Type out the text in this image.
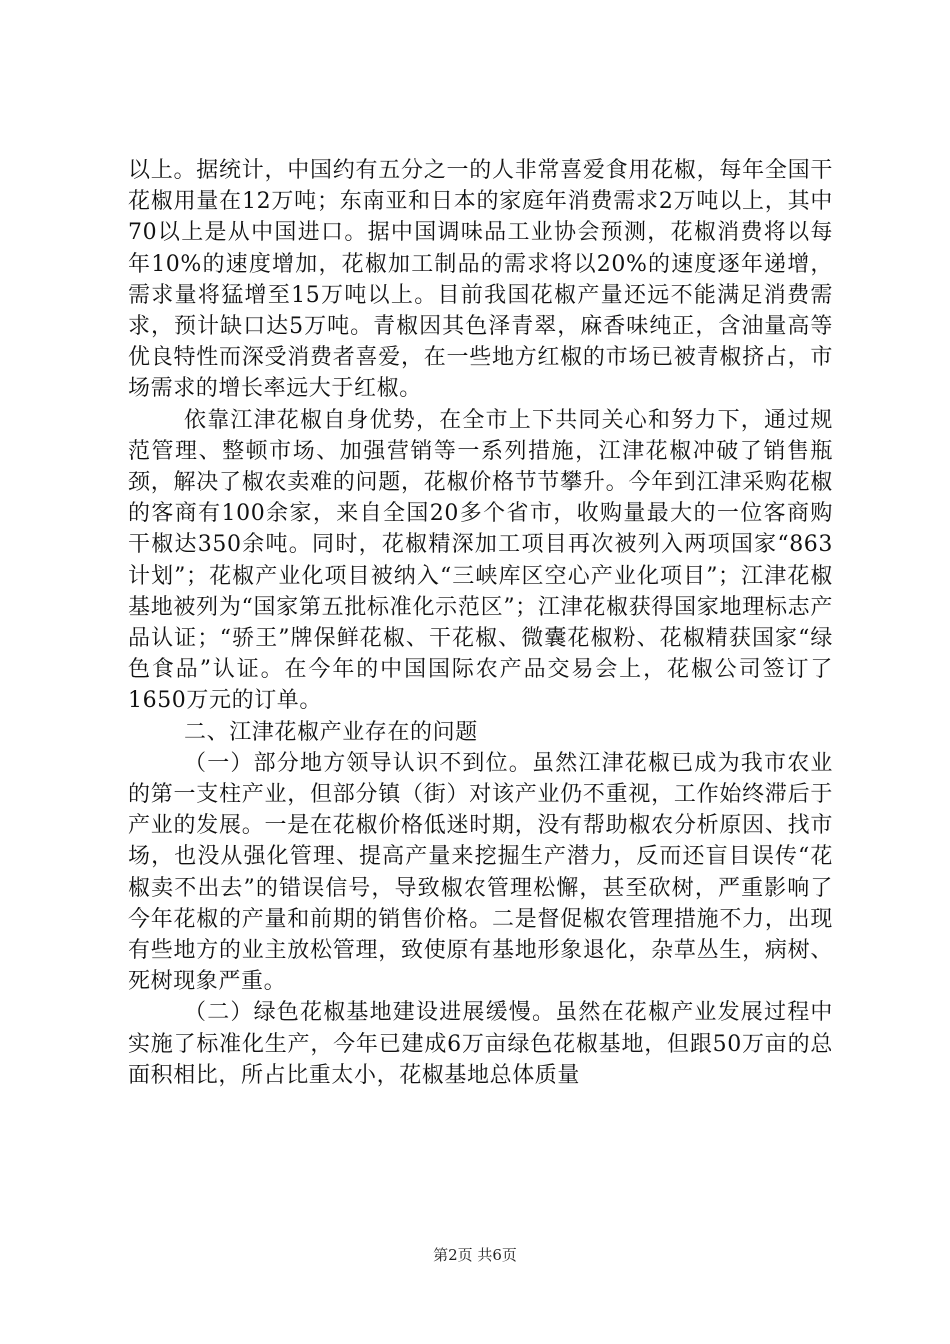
以上。据统计，中国约有五分之一的人非常喜爱食用花椒，每年全国干花椒用量在12万吨；东南亚和日本的家庭年消费需求2万吨以上，其中70以上是从中国进口。据中国调味品工业协会预测，花椒消费将以每年10%的速度增加，花椒加工制品的需求将以20%的速度逐年递增，需求量将猛增至15万吨以上。目前我国花椒产量还远不能满足消费需求，预计缺口达5万吨。青椒因其色泽青翠，麻香味纯正，含油量高等优良特性而深受消费者喜爱，在一些地方红椒的市场已被青椒挤占，市场需求的增长率远大于红椒。

依靠江津花椒自身优势，在全市上下共同关心和努力下，通过规范管理、整顿市场、加强营销等一系列措施，江津花椒冲破了销售瓶颈，解决了椒农卖难的问题，花椒价格节节攀升。今年到江津采购花椒的客商有100余家，来自全国20多个省市，收购量最大的一位客商购干椒达350余吨。同时，花椒精深加工项目再次被列入两项国家“863计划”；花椒产业化项目被纳入“三峡库区空心产业化项目”；江津花椒基地被列为“国家第五批标准化示范区”；江津花椒获得国家地理标志产品认证；“骄王”牌保鲜花椒、干花椒、微囊花椒粉、花椒精获国家“绿色食品”认证。在今年的中国国际农产品交易会上，花椒公司签订了1650万元的订单。

二、江津花椒产业存在的问题

（一）部分地方领导认识不到位。虽然江津花椒已成为我市农业的第一支柱产业，但部分镇（街）对该产业仍不重视，工作始终滞后于产业的发展。一是在花椒价格低迷时期，没有帮助椒农分析原因、找市场，也没从强化管理、提高产量来挖掘生产潜力，反而还盲目误传“花椒卖不出去”的错误信号，导致椒农管理松懈，甚至砍树，严重影响了今年花椒的产量和前期的销售价格。二是督促椒农管理措施不力，出现有些地方的业主放松管理，致使原有基地形象退化，杂草丛生，病树、死树现象严重。

（二）绿色花椒基地建设进展缓慢。虽然在花椒产业发展过程中实施了标准化生产，今年已建成6万亩绿色花椒基地，但跟50万亩的总面积相比，所占比重太小，花椒基地总体质量

第2页 共6页
